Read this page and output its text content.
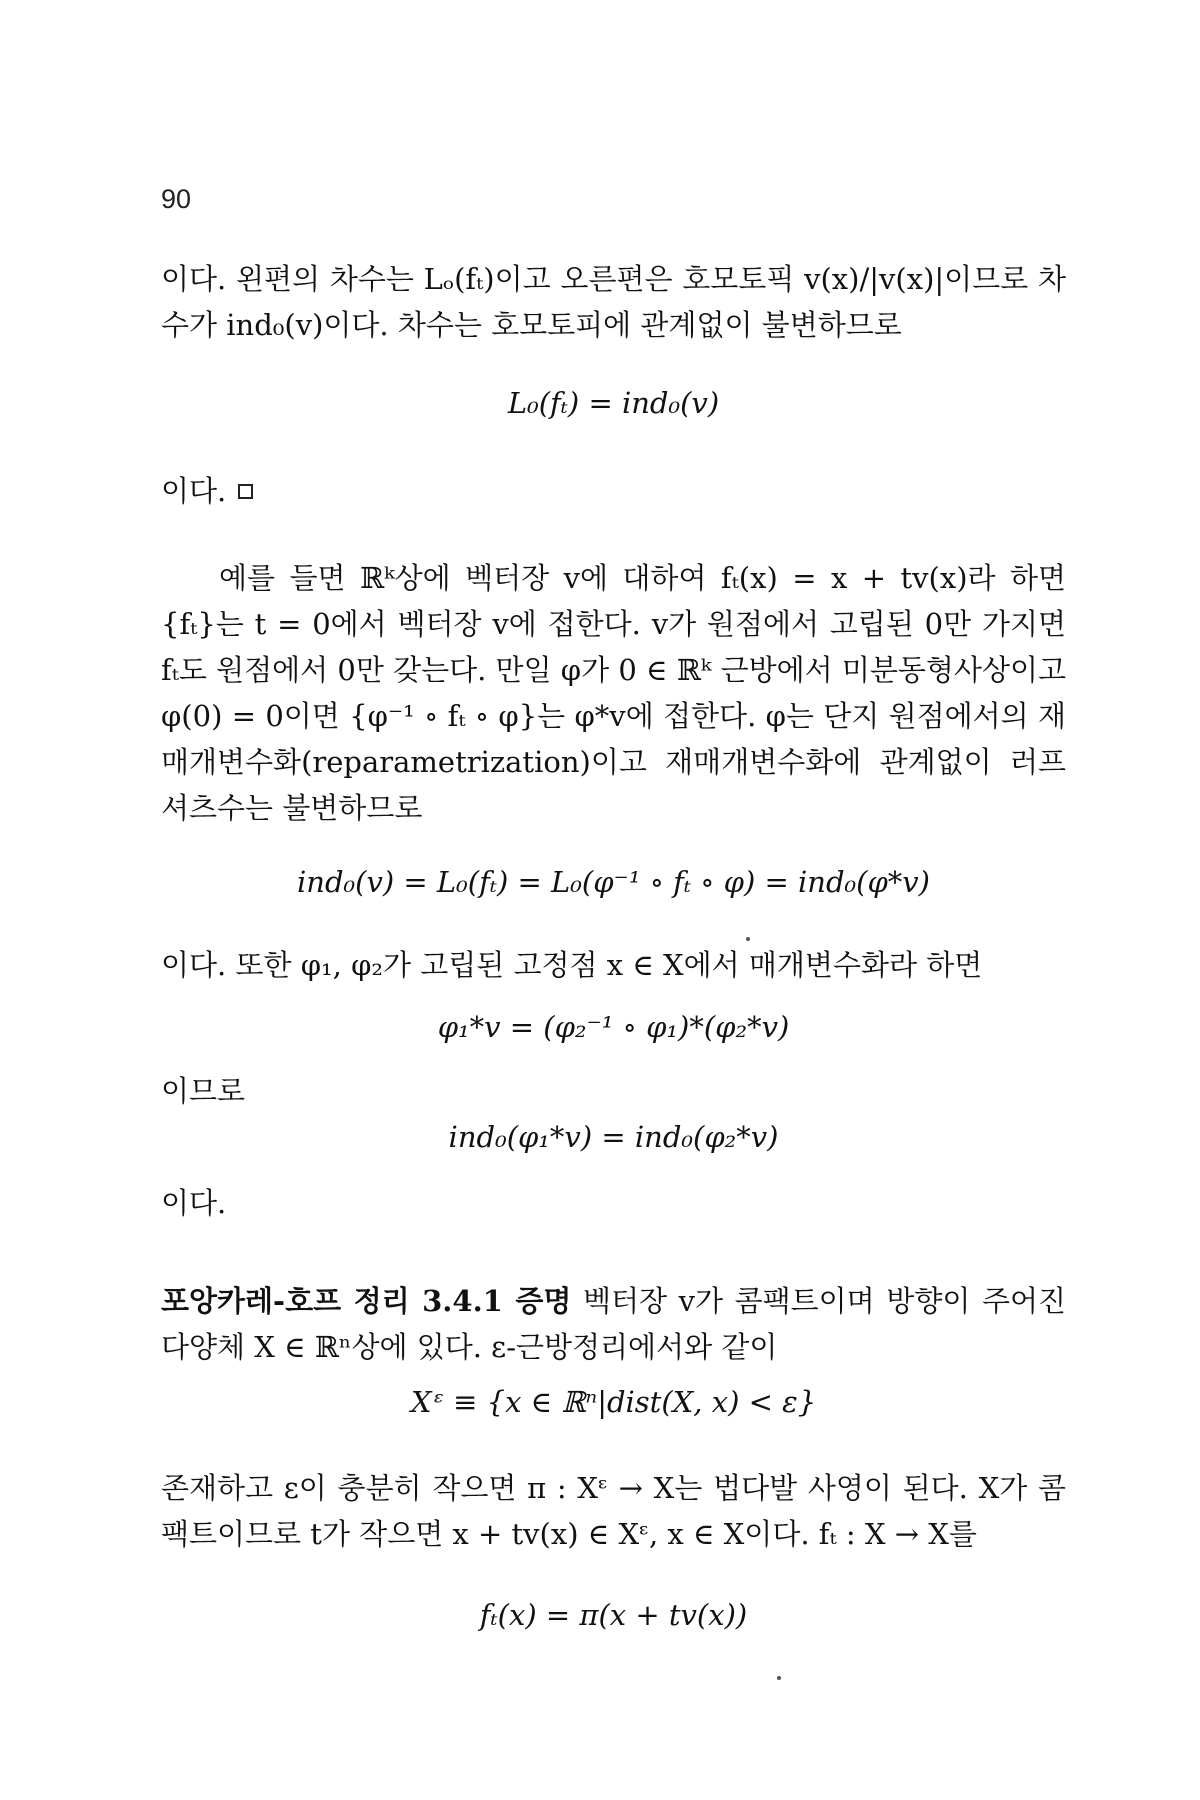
90
이다. 왼편의 차수는 Lₒ(fₜ)이고 오른편은 호모토픽 v(x)/|v(x)|이므로 차수가 ind₀(v)이다. 차수는 호모토피에 관계없이 불변하므로
L₀(fₜ) = ind₀(v)
이다.
예를 들면 ℝᵏ상에 벡터장 v에 대하여 fₜ(x) = x + tv(x)라 하면 {fₜ}는 t = 0에서 벡터장 v에 접한다. v가 원점에서 고립된 0만 가지면 fₜ도 원점에서 0만 갖는다. 만일 φ가 0 ∈ ℝᵏ 근방에서 미분동형사상이고 φ(0) = 0이면 {φ⁻¹ ∘ fₜ ∘ φ}는 φ*v에 접한다. φ는 단지 원점에서의 재매개변수화(reparametrization)이고 재매개변수화에 관계없이 러프셔츠수는 불변하므로
ind₀(v) = L₀(fₜ) = L₀(φ⁻¹ ∘ fₜ ∘ φ) = ind₀(φ*v)
이다. 또한 φ₁, φ₂가 고립된 고정점 x ∈ X에서 매개변수화라 하면
φ₁*v = (φ₂⁻¹ ∘ φ₁)*(φ₂*v)
이므로
ind₀(φ₁*v) = ind₀(φ₂*v)
이다.
포앙카레-호프 정리 3.4.1 증명 벡터장 v가 콤팩트이며 방향이 주어진 다양체 X ∈ ℝⁿ상에 있다. ε-근방정리에서와 같이
Xᵋ ≡ {x ∈ ℝⁿ|dist(X, x) < ε}
존재하고 ε이 충분히 작으면 π : Xᵋ → X는 법다발 사영이 된다. X가 콤팩트이므로 t가 작으면 x + tv(x) ∈ Xᵋ, x ∈ X이다. fₜ : X → X를
fₜ(x) = π(x + tv(x))
